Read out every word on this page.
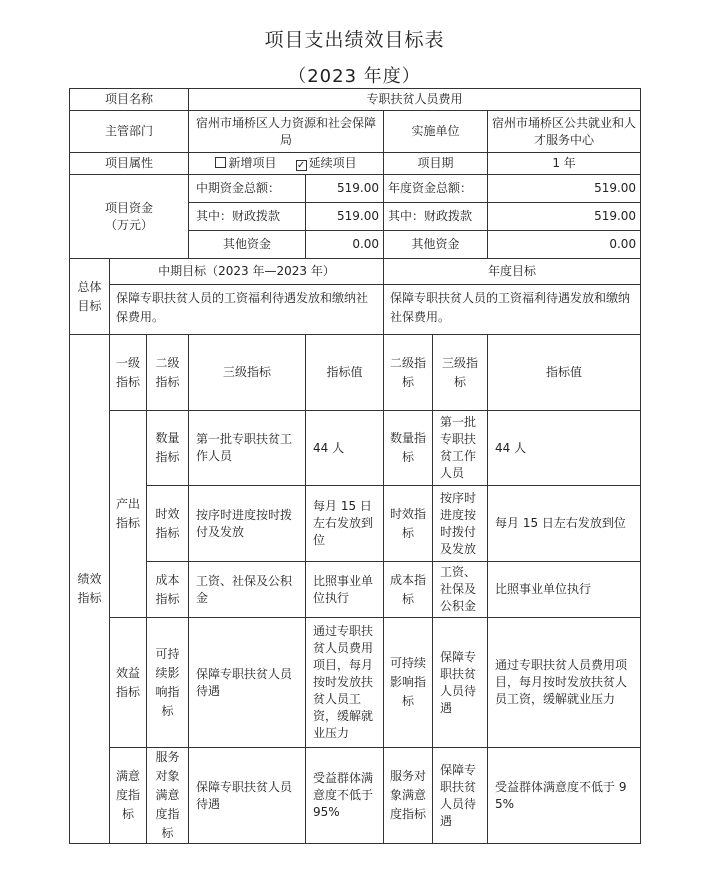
项目支出绩效目标表
（2023 年度）
项目名称			专职扶贫人员费用				
主管部门			宿州市埇桥区人力资源和社会保障局		实施单位		宿州市埇桥区公共就业和人才服务中心
项目属性			新增项目 ✓ 延续项目		项目期		1 年
项目资金（万元）			中期资金总额：	519.00	年度资金总额：		519.00
			其中：财政拨款	519.00	其中：财政拨款		519.00
			其他资金	0.00	其他资金		0.00
总体目标	中期目标（2023 年—2023 年）				年度目标		
	保障专职扶贫人员的工资福利待遇发放和缴纳社保费用。				保障专职扶贫人员的工资福利待遇发放和缴纳社保费用。		
绩效指标	一级指标	二级指标	三级指标	指标值	二级指标	三级指标	指标值
	产出指标	数量指标	第一批专职扶贫工作人员	44 人	数量指标	第一批专职扶贫工作人员	44 人
		时效指标	按序时进度按时拨付及发放	每月 15 日左右发放到位	时效指标	按序时进度按时拨付及发放	每月 15 日左右发放到位
		成本指标	工资、社保及公积金	比照事业单位执行	成本指标	工资、社保及公积金	比照事业单位执行
	效益指标	可持续影响指标	保障专职扶贫人员待遇	通过专职扶贫人员费用项目，每月按时发放扶贫人员工资，缓解就业压力	可持续影响指标	保障专职扶贫人员待遇	通过专职扶贫人员费用项目，每月按时发放扶贫人员工资，缓解就业压力
	满意度指标	服务对象满意度指标	保障专职扶贫人员待遇	受益群体满意度不低于 95%	服务对象满意度指标	保障专职扶贫人员待遇	受益群体满意度不低于 95%
